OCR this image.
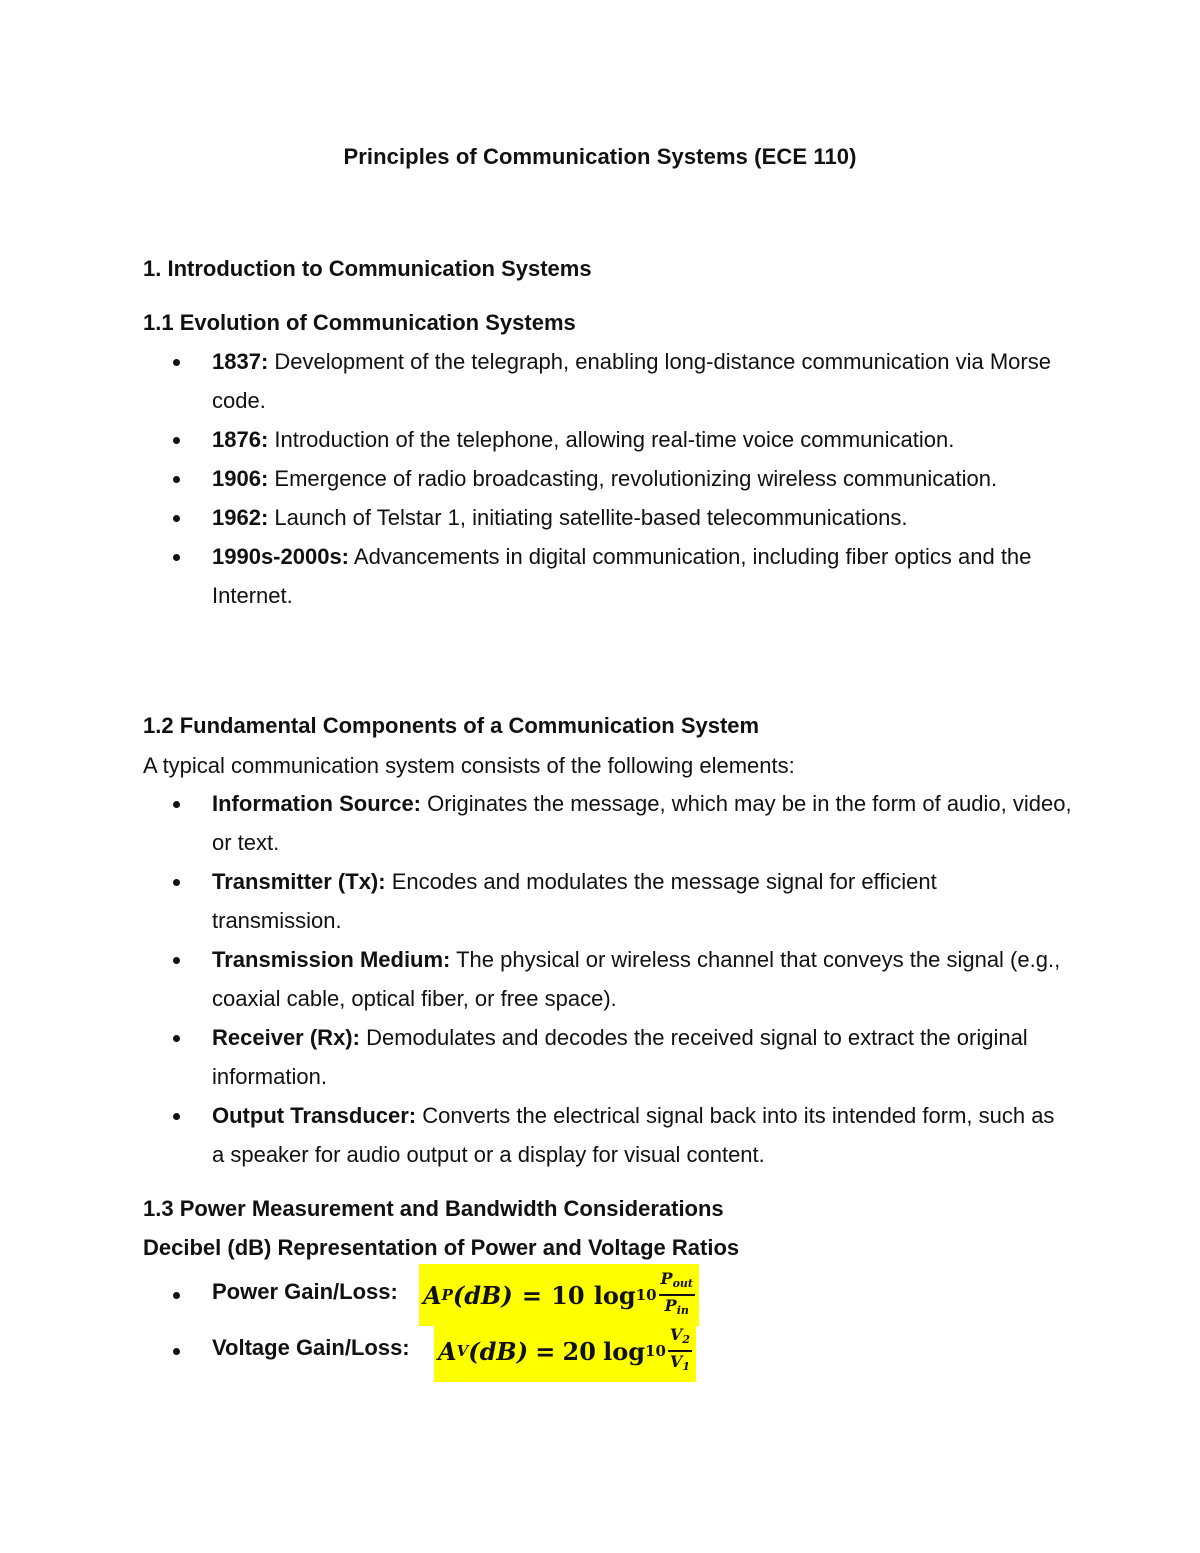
Principles of Communication Systems (ECE 110)
1. Introduction to Communication Systems
1.1 Evolution of Communication Systems
1837: Development of the telegraph, enabling long-distance communication via Morse code.
1876: Introduction of the telephone, allowing real-time voice communication.
1906: Emergence of radio broadcasting, revolutionizing wireless communication.
1962: Launch of Telstar 1, initiating satellite-based telecommunications.
1990s-2000s: Advancements in digital communication, including fiber optics and the Internet.
1.2 Fundamental Components of a Communication System
A typical communication system consists of the following elements:
Information Source: Originates the message, which may be in the form of audio, video, or text.
Transmitter (Tx): Encodes and modulates the message signal for efficient transmission.
Transmission Medium: The physical or wireless channel that conveys the signal (e.g., coaxial cable, optical fiber, or free space).
Receiver (Rx): Demodulates and decodes the received signal to extract the original information.
Output Transducer: Converts the electrical signal back into its intended form, such as a speaker for audio output or a display for visual content.
1.3 Power Measurement and Bandwidth Considerations
Decibel (dB) Representation of Power and Voltage Ratios
Power Gain/Loss: A P (dB) = 10 $\log 10 \frac{P_{out}}{P_{in}}$
Voltage Gain/Loss: A V (dB) = 20 $\log 10 \frac{V_2}{V_1}$
